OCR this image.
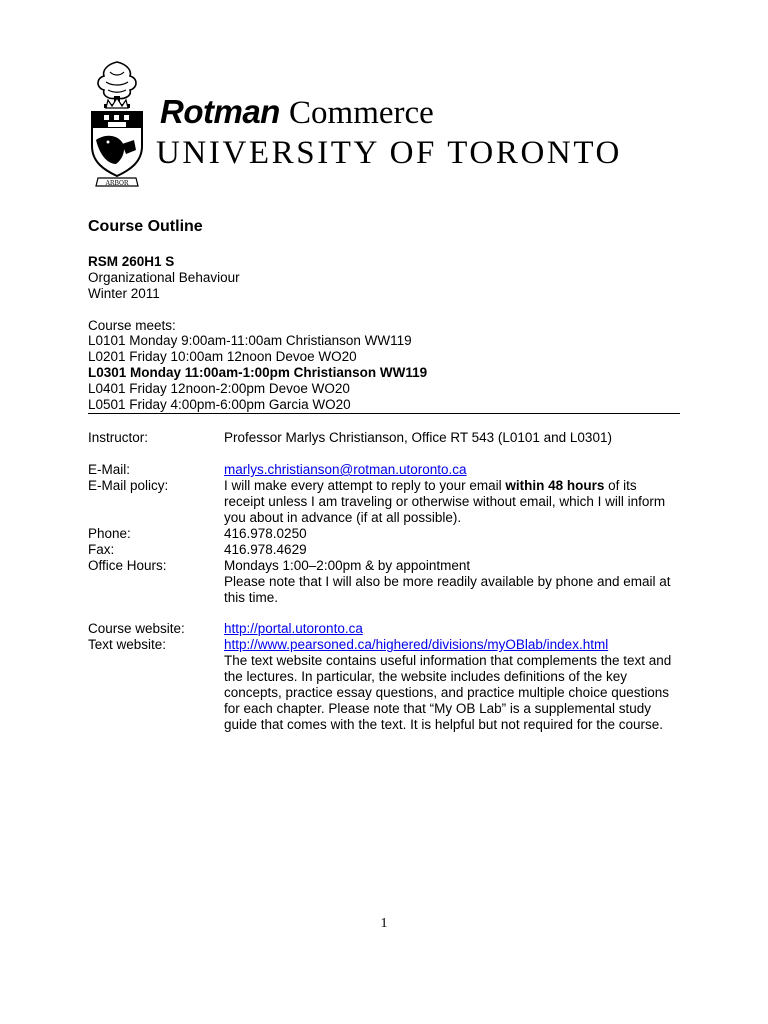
ARBOR
Rotman Commerce
UNIVERSITY OF TORONTO
Course Outline
RSM 260H1 S
Organizational Behaviour
Winter 2011
Course meets:
L0101 Monday 9:00am-11:00am Christianson WW119
L0201 Friday 10:00am 12noon Devoe WO20
L0301 Monday 11:00am-1:00pm Christianson WW119
L0401 Friday 12noon-2:00pm Devoe WO20
L0501 Friday 4:00pm-6:00pm Garcia WO20
Instructor:	Professor Marlys Christianson, Office RT 543 (L0101 and L0301)
E-Mail:	marlys.christianson@rotman.utoronto.ca
E-Mail policy:	I will make every attempt to reply to your email within 48 hours of its receipt unless I am traveling or otherwise without email, which I will inform you about in advance (if at all possible).
Phone:	416.978.0250
Fax:	416.978.4629
Office Hours:	Mondays 1:00–2:00pm & by appointment
Please note that I will also be more readily available by phone and email at this time.
Course website:	http://portal.utoronto.ca
Text website:	http://www.pearsoned.ca/highered/divisions/myOBlab/index.html
The text website contains useful information that complements the text and the lectures. In particular, the website includes definitions of the key concepts, practice essay questions, and practice multiple choice questions for each chapter. Please note that “My OB Lab” is a supplemental study guide that comes with the text. It is helpful but not required for the course.
1
